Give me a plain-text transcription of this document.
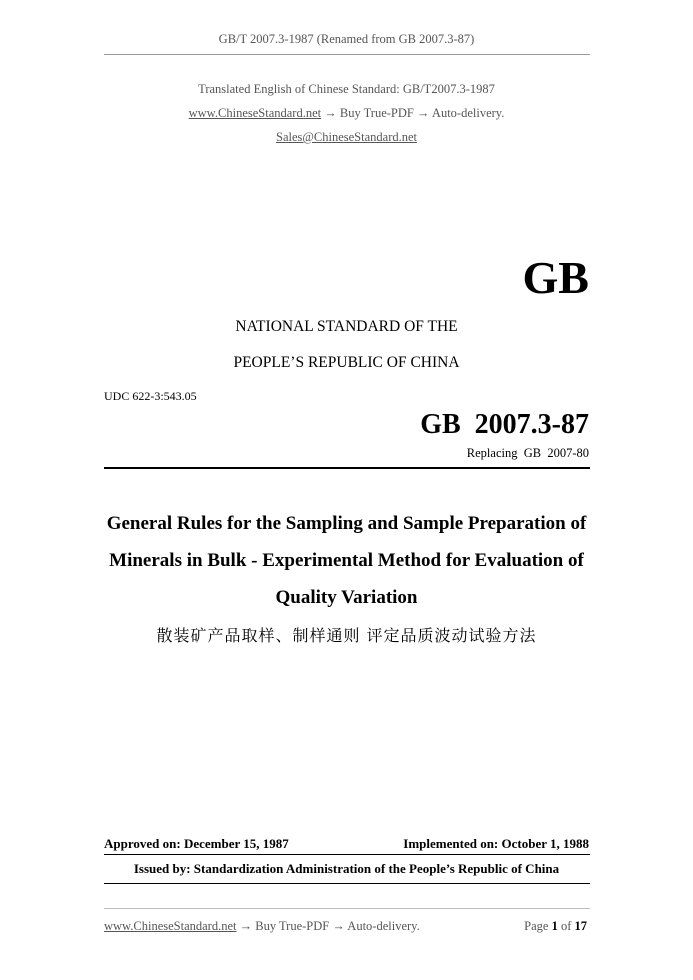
GB/T 2007.3-1987 (Renamed from GB 2007.3-87)
Translated English of Chinese Standard: GB/T2007.3-1987
www.ChineseStandard.net → Buy True-PDF → Auto-delivery.
Sales@ChineseStandard.net
GB
NATIONAL STANDARD OF THE
PEOPLE’S REPUBLIC OF CHINA
UDC 622-3:543.05
GB  2007.3-87
Replacing  GB  2007-80
General Rules for the Sampling and Sample Preparation of
Minerals in Bulk - Experimental Method for Evaluation of
Quality Variation
散装矿产品取样、制样通则 评定品质波动试验方法
Approved on: December 15, 1987	Implemented on: October 1, 1988
Issued by: Standardization Administration of the People’s Republic of China
www.ChineseStandard.net → Buy True-PDF → Auto-delivery.	Page 1 of 17
